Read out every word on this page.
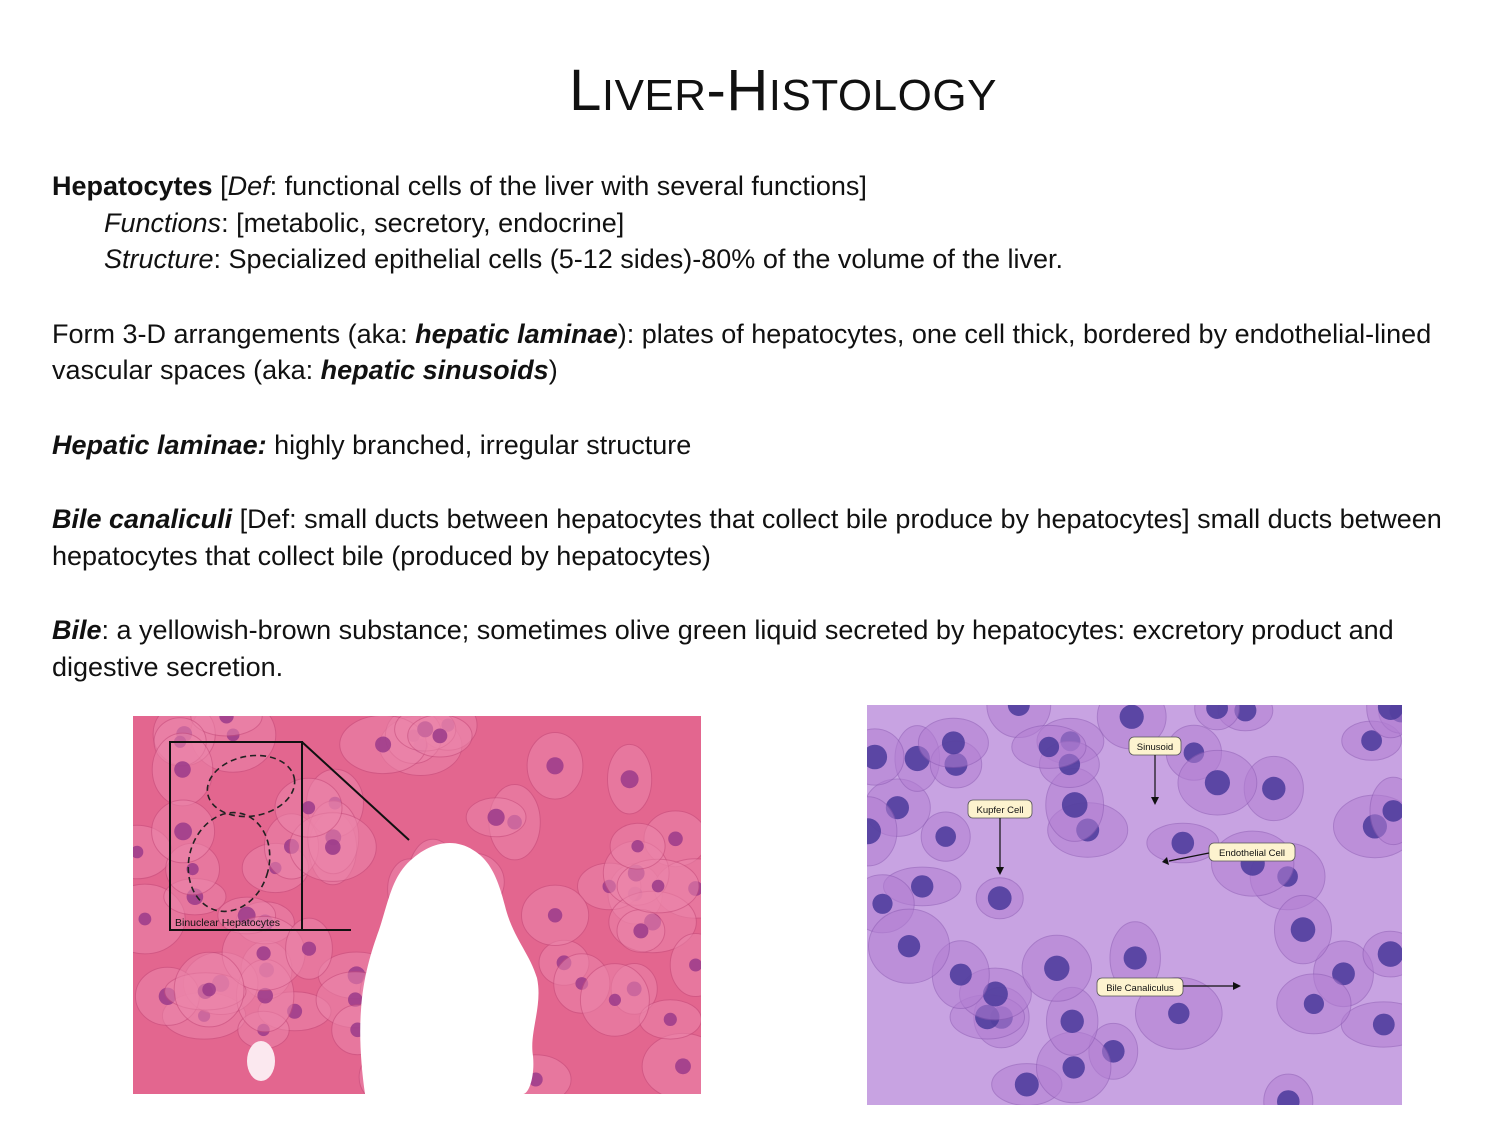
LIVER-HISTOLOGY

Hepatocytes [Def: functional cells of the liver with several functions]

Functions: [metabolic, secretory, endocrine]

Structure: Specialized epithelial cells (5-12 sides)-80% of the volume of the liver.

Form 3-D arrangements (aka: hepatic laminae): plates of hepatocytes, one cell thick, bordered by endothelial-lined vascular spaces (aka: hepatic sinusoids)

Hepatic laminae: highly branched, irregular structure

Bile canaliculi [Def: small ducts between hepatocytes that collect bile produce by hepatocytes] small ducts between hepatocytes that collect bile (produced by hepatocytes)

Bile: a yellowish-brown substance; sometimes olive green liquid secreted by hepatocytes: excretory product and digestive secretion.

Binuclear Hepatocytes
Sinusoid
Kupfer Cell
Endothelial Cell
Bile Canaliculus
